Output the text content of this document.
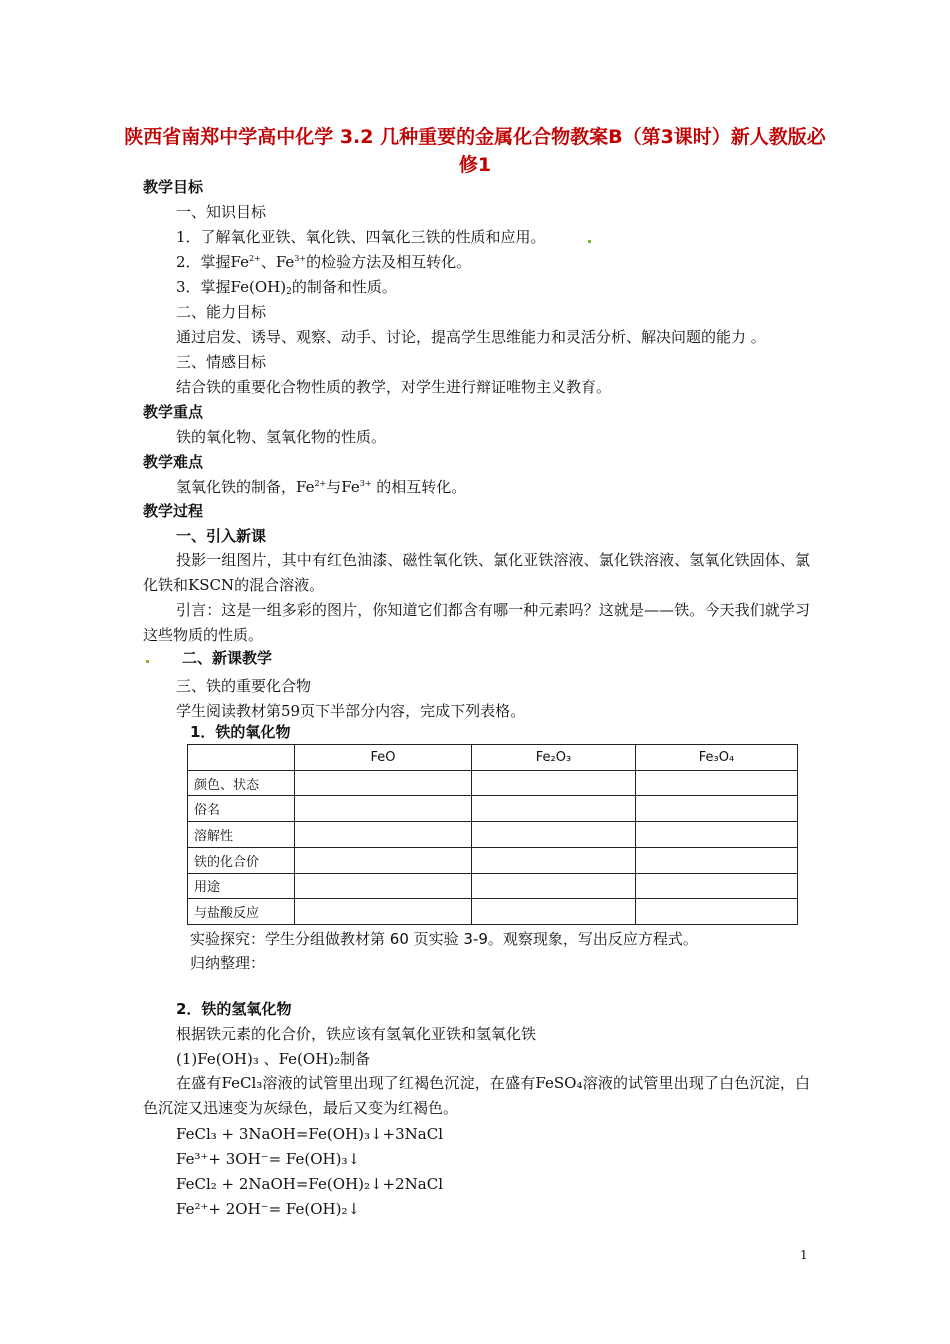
陕西省南郑中学高中化学 3.2 几种重要的金属化合物教案B（第3课时）新人教版必修1
教学目标
一、知识目标
1．了解氧化亚铁、氧化铁、四氧化三铁的性质和应用。
2．掌握$Fe^{2+}$、$Fe^{3+}$的检验方法及相互转化。
3．掌握$Fe(OH)_2$的制备和性质。
二、能力目标
通过启发、诱导、观察、动手、讨论，提高学生思维能力和灵活分析、解决问题的能力 。
三、情感目标
结合铁的重要化合物性质的教学，对学生进行辩证唯物主义教育。
教学重点
铁的氧化物、氢氧化物的性质。
教学难点
氢氧化铁的制备，$Fe^{2+}$与$Fe^{3+}$ 的相互转化。
教学过程
一、引入新课
投影一组图片，其中有红色油漆、磁性氧化铁、氯化亚铁溶液、氯化铁溶液、氢氧化铁固体、氯化铁和KSCN的混合溶液。
引言：这是一组多彩的图片，你知道它们都含有哪一种元素吗？这就是——铁。今天我们就学习这些物质的性质。
二、新课教学
三、铁的重要化合物
学生阅读教材第59页下半部分内容，完成下列表格。
1．铁的氧化物
	FeO	Fe₂O₃	Fe₃O₄
颜色、状态			
俗名			
溶解性			
铁的化合价			
用途			
与盐酸反应			
实验探究：学生分组做教材第 60 页实验 3-9。观察现象，写出反应方程式。
归纳整理：
2．铁的氢氧化物
根据铁元素的化合价，铁应该有氢氧化亚铁和氢氧化铁
(1)Fe(OH)₃ 、Fe(OH)₂制备
在盛有FeCl₃溶液的试管里出现了红褐色沉淀，在盛有FeSO₄溶液的试管里出现了白色沉淀，白色沉淀又迅速变为灰绿色，最后又变为红褐色。
FeCl₃ + 3NaOH=Fe(OH)₃↓+3NaCl
Fe³⁺+ 3OH⁻= Fe(OH)₃↓
FeCl₂ + 2NaOH=Fe(OH)₂↓+2NaCl
Fe²⁺+ 2OH⁻= Fe(OH)₂↓
1
